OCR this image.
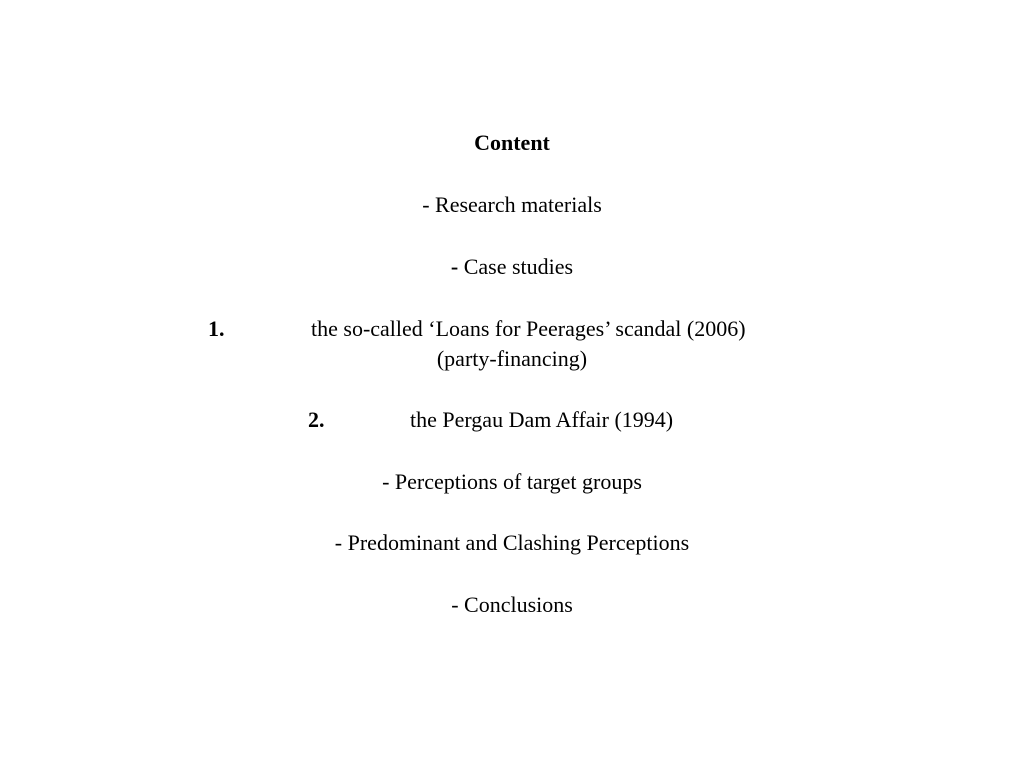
Content
- Research materials
- Case studies

1.

	the so-called ‘Loans for Peerages’ scandal (2006)

(party-financing)

2.

	the Pergau Dam Affair (1994)

- Perceptions of target groups
- Predominant and Clashing Perceptions
- Conclusions
